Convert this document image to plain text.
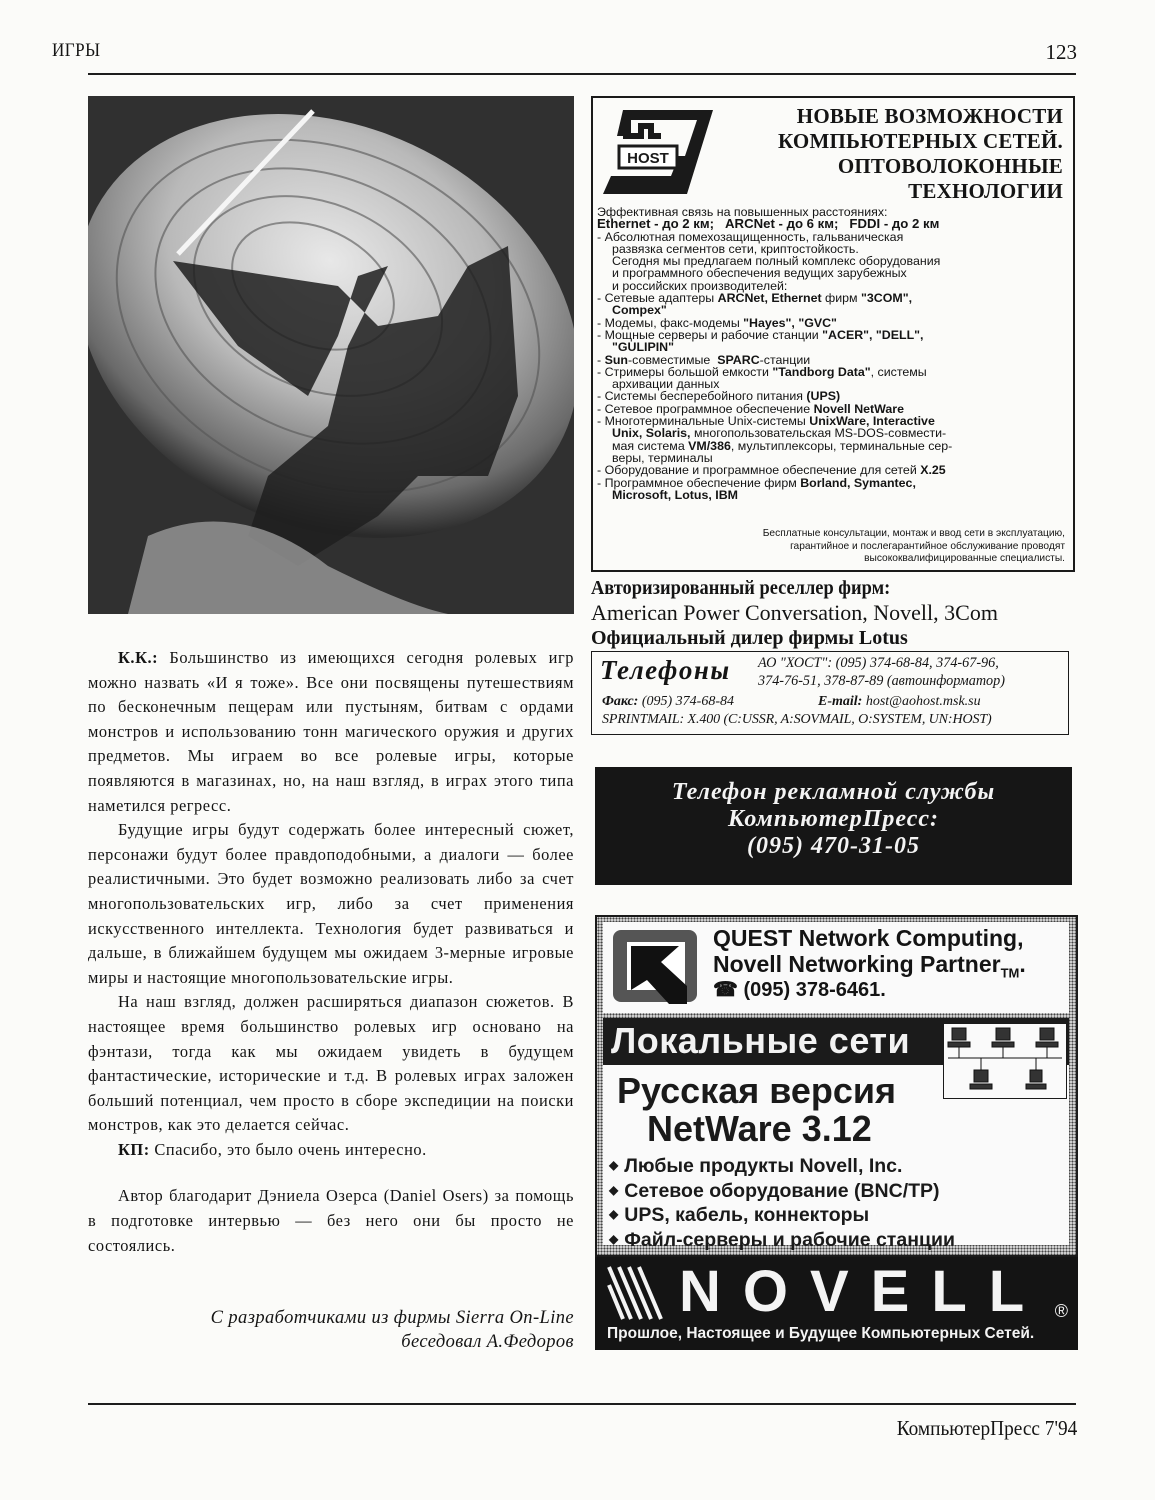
ИГРЫ	123

К.К.: Большинство из имеющихся сегодня ролевых игр можно назвать «И я тоже». Все они посвящены путешествиям по бесконечным пещерам или пустыням, битвам с ордами монстров и использованию тонн магического оружия и других предметов. Мы играем во все ролевые игры, которые появляются в магазинах, но, на наш взгляд, в играх этого типа наметился регресс.

Будущие игры будут содержать более интересный сюжет, персонажи будут более правдоподобными, а диалоги — более реалистичными. Это будет возможно реализовать либо за счет многопользовательских игр, либо за счет применения искусственного интеллекта. Технология будет развиваться и дальше, в ближайшем будущем мы ожидаем 3-мерные игровые миры и настоящие многопользовательские игры.

На наш взгляд, должен расширяться диапазон сюжетов. В настоящее время большинство ролевых игр основано на фэнтази, тогда как мы ожидаем увидеть в будущем фантастические, исторические и т.д. В ролевых играх заложен больший потенциал, чем просто в сборе экспедиции на поиски монстров, как это делается сейчас.

КП: Спасибо, это было очень интересно.

Автор благодарит Дэниела Озерса (Daniel Osers) за помощь в подготовке интервью — без него они бы просто не состоялись.

С разработчиками из фирмы Sierra On-Line
беседовал А.Федоров
HOST
НОВЫЕ ВОЗМОЖНОСТИ
КОМПЬЮТЕРНЫХ СЕТЕЙ.
ОПТОВОЛОКОННЫЕ
ТЕХНОЛОГИИ
Эффективная связь на повышенных расстояниях:
Ethernet - до 2 км;   ARCNet - до 6 км;   FDDI - до 2 км
- Абсолютная помехозащищенность, гальваническая
развязка сегментов сети, криптостойкость.
Сегодня мы предлагаем полный комплекс оборудования
и программного обеспечения ведущих зарубежных
и российских производителей:
- Сетевые адаптеры ARCNet, Ethernet фирм "3COM",
Compex"
- Модемы, факс-модемы "Hayes", "GVC"
- Мощные серверы и рабочие станции "ACER", "DELL",
"GULIPIN"
- Sun-совместимые  SPARC-станции
- Стримеры большой емкости "Tandborg Data", системы
архивации данных
- Системы бесперебойного питания (UPS)
- Сетевое программное обеспечение Novell NetWare
- Многотерминальные Unix-системы UnixWare, Interactive
Unix, Solaris, многопользовательская MS-DOS-совмести-
мая система VM/386, мультиплексоры, терминальные сер-
веры, терминалы
- Оборудование и программное обеспечение для сетей X.25
- Программное обеспечение фирм Borland, Symantec,
Microsoft, Lotus, IBM
Бесплатные консультации, монтаж и ввод сети в эксплуатацию,
гарантийное и послегарантийное обслуживание проводят
высококвалифицированные специалисты.
Авторизированный реселлер фирм:
American Power Conversation, Novell, 3Com
Официальный дилер фирмы Lotus
Телефоны АО "ХОСТ": (095) 374-68-84, 374-67-96,
374-76-51, 378-87-89 (автоинформатор)
Факс: (095) 374-68-84	E-mail: host@aohost.msk.su
SPRINTMAIL: X.400 (C:USSR, A:SOVMAIL, O:SYSTEM, UN:HOST)
Телефон рекламной службы
КомпьютерПресс:
(095) 470-31-05
QUEST Network Computing,
Novell Networking Partner$_{TM}$.
☎ (095) 378-6461.
Локальные сети
Русская версия
NetWare 3.12
◆ Любые продукты Novell, Inc.
◆ Сетевое оборудование (BNC/TP)
◆ UPS, кабель, коннекторы
◆ Файл-серверы и рабочие станции
NOVELL ®
Прошлое, Настоящее и Будущее Компьютерных Сетей.
КомпьютерПресс 7'94
